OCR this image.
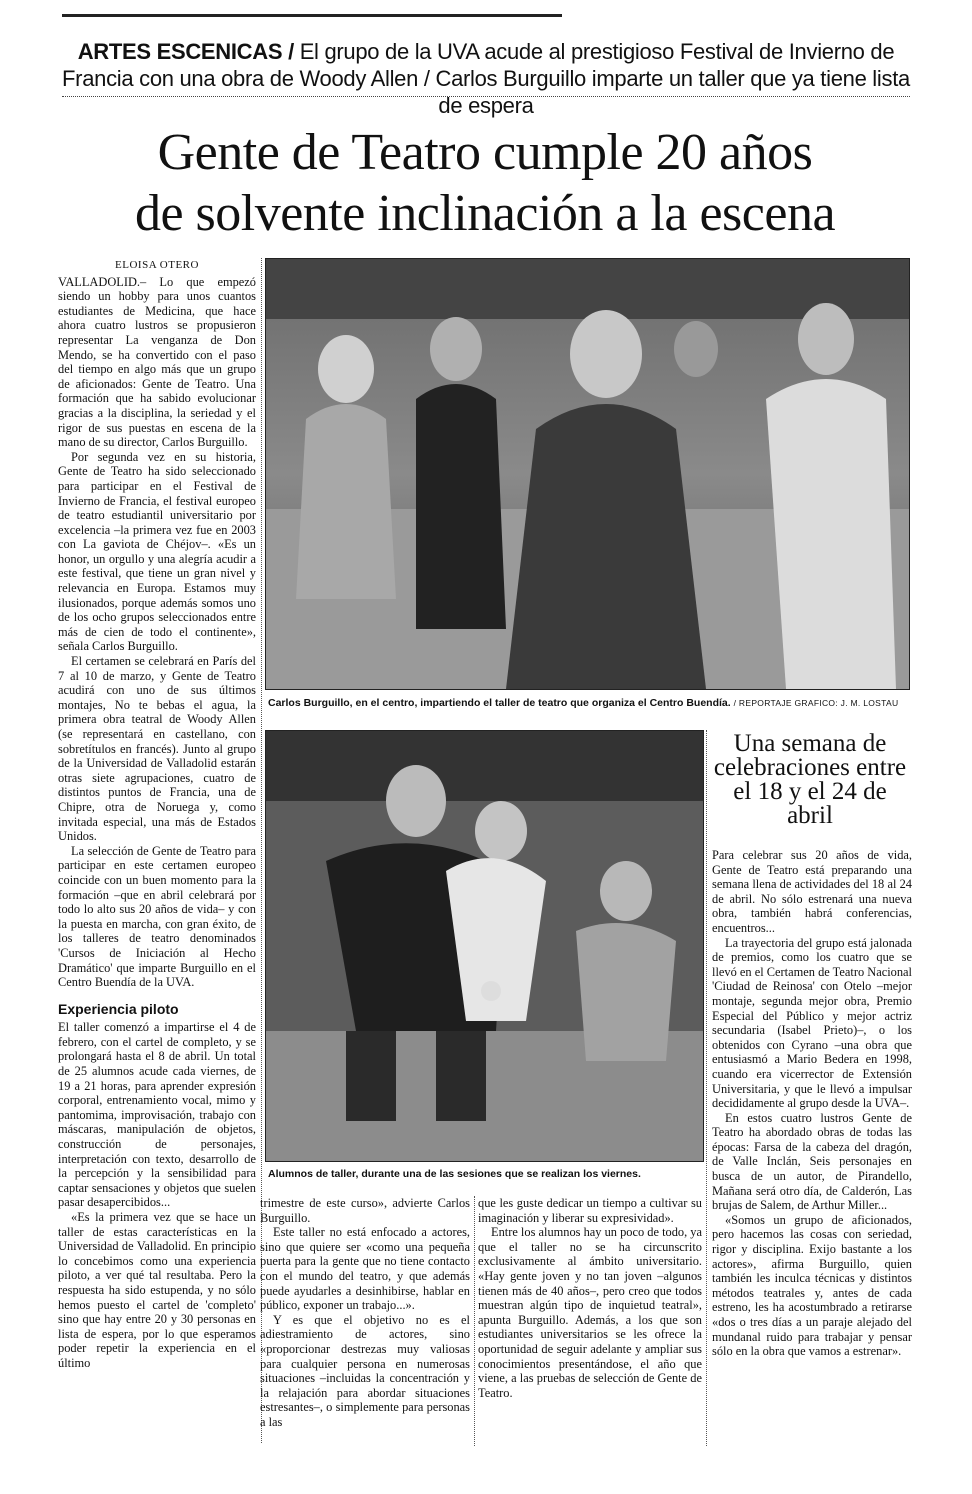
ARTES ESCENICAS / El grupo de la UVA acude al prestigioso Festival de Invierno de Francia con una obra de Woody Allen / Carlos Burguillo imparte un taller que ya tiene lista de espera
Gente de Teatro cumple 20 años
de solvente inclinación a la escena
ELOISA OTERO

VALLADOLID.– Lo que empezó siendo un hobby para unos cuantos estudiantes de Medicina, que hace ahora cuatro lustros se propusieron representar La venganza de Don Mendo, se ha convertido con el paso del tiempo en algo más que un grupo de aficionados: Gente de Teatro. Una formación que ha sabido evolucionar gracias a la disciplina, la seriedad y el rigor de sus puestas en escena de la mano de su director, Carlos Burguillo.

Por segunda vez en su historia, Gente de Teatro ha sido seleccionado para participar en el Festival de Invierno de Francia, el festival europeo de teatro estudiantil universitario por excelencia –la primera vez fue en 2003 con La gaviota de Chéjov–. «Es un honor, un orgullo y una alegría acudir a este festival, que tiene un gran nivel y relevancia en Europa. Estamos muy ilusionados, porque además somos uno de los ocho grupos seleccionados entre más de cien de todo el continente», señala Carlos Burguillo.

El certamen se celebrará en París del 7 al 10 de marzo, y Gente de Teatro acudirá con uno de sus últimos montajes, No te bebas el agua, la primera obra teatral de Woody Allen (se representará en castellano, con sobretítulos en francés). Junto al grupo de la Universidad de Valladolid estarán otras siete agrupaciones, cuatro de distintos puntos de Francia, una de Chipre, otra de Noruega y, como invitada especial, una más de Estados Unidos.

La selección de Gente de Teatro para participar en este certamen europeo coincide con un buen momento para la formación –que en abril celebrará por todo lo alto sus 20 años de vida– y con la puesta en marcha, con gran éxito, de los talleres de teatro denominados 'Cursos de Iniciación al Hecho Dramático' que imparte Burguillo en el Centro Buendía de la UVA.

Experiencia piloto

El taller comenzó a impartirse el 4 de febrero, con el cartel de completo, y se prolongará hasta el 8 de abril. Un total de 25 alumnos acude cada viernes, de 19 a 21 horas, para aprender expresión corporal, entrenamiento vocal, mimo y pantomima, improvisación, trabajo con máscaras, manipulación de objetos, construcción de personajes, interpretación con texto, desarrollo de la percepción y la sensibilidad para captar sensaciones y objetos que suelen pasar desapercibidos...

«Es la primera vez que se hace un taller de estas características en la Universidad de Valladolid. En principio lo concebimos como una experiencia piloto, a ver qué tal resultaba. Pero la respuesta ha sido estupenda, y no sólo hemos puesto el cartel de 'completo' sino que hay entre 20 y 30 personas en lista de espera, por lo que esperamos poder repetir la experiencia en el último

Carlos Burguillo, en el centro, impartiendo el taller de teatro que organiza el Centro Buendía. / REPORTAJE GRAFICO: J. M. LOSTAU
Alumnos de taller, durante una de las sesiones que se realizan los viernes.

trimestre de este curso», advierte Carlos Burguillo.

Este taller no está enfocado a actores, sino que quiere ser «como una pequeña puerta para la gente que no tiene contacto con el mundo del teatro, y que además puede ayudarles a desinhibirse, hablar en público, exponer un trabajo...».

Y es que el objetivo no es el adiestramiento de actores, sino «proporcionar destrezas muy valiosas para cualquier persona en numerosas situaciones –incluidas la concentración y la relajación para abordar situaciones estresantes–, o simplemente para personas a las

que les guste dedicar un tiempo a cultivar su imaginación y liberar su expresividad».

Entre los alumnos hay un poco de todo, ya que el taller no se ha circunscrito exclusivamente al ámbito universitario. «Hay gente joven y no tan joven –algunos tienen más de 40 años–, pero creo que todos muestran algún tipo de inquietud teatral», apunta Burguillo. Además, a los que son estudiantes universitarios se les ofrece la oportunidad de seguir adelante y ampliar sus conocimientos presentándose, el año que viene, a las pruebas de selección de Gente de Teatro.

Una semana de celebraciones entre el 18 y el 24 de abril

Para celebrar sus 20 años de vida, Gente de Teatro está preparando una semana llena de actividades del 18 al 24 de abril. No sólo estrenará una nueva obra, también habrá conferencias, encuentros...

La trayectoria del grupo está jalonada de premios, como los cuatro que se llevó en el Certamen de Teatro Nacional 'Ciudad de Reinosa' con Otelo –mejor montaje, segunda mejor obra, Premio Especial del Público y mejor actriz secundaria (Isabel Prieto)–, o los obtenidos con Cyrano –una obra que entusiasmó a Mario Bedera en 1998, cuando era vicerrector de Extensión Universitaria, y que le llevó a impulsar decididamente al grupo desde la UVA–.

En estos cuatro lustros Gente de Teatro ha abordado obras de todas las épocas: Farsa de la cabeza del dragón, de Valle Inclán, Seis personajes en busca de un autor, de Pirandello, Mañana será otro día, de Calderón, Las brujas de Salem, de Arthur Miller...

«Somos un grupo de aficionados, pero hacemos las cosas con seriedad, rigor y disciplina. Exijo bastante a los actores», afirma Burguillo, quien también les inculca técnicas y distintos métodos teatrales y, antes de cada estreno, les ha acostumbrado a retirarse «dos o tres días a un paraje alejado del mundanal ruido para trabajar y pensar sólo en la obra que vamos a estrenar».
